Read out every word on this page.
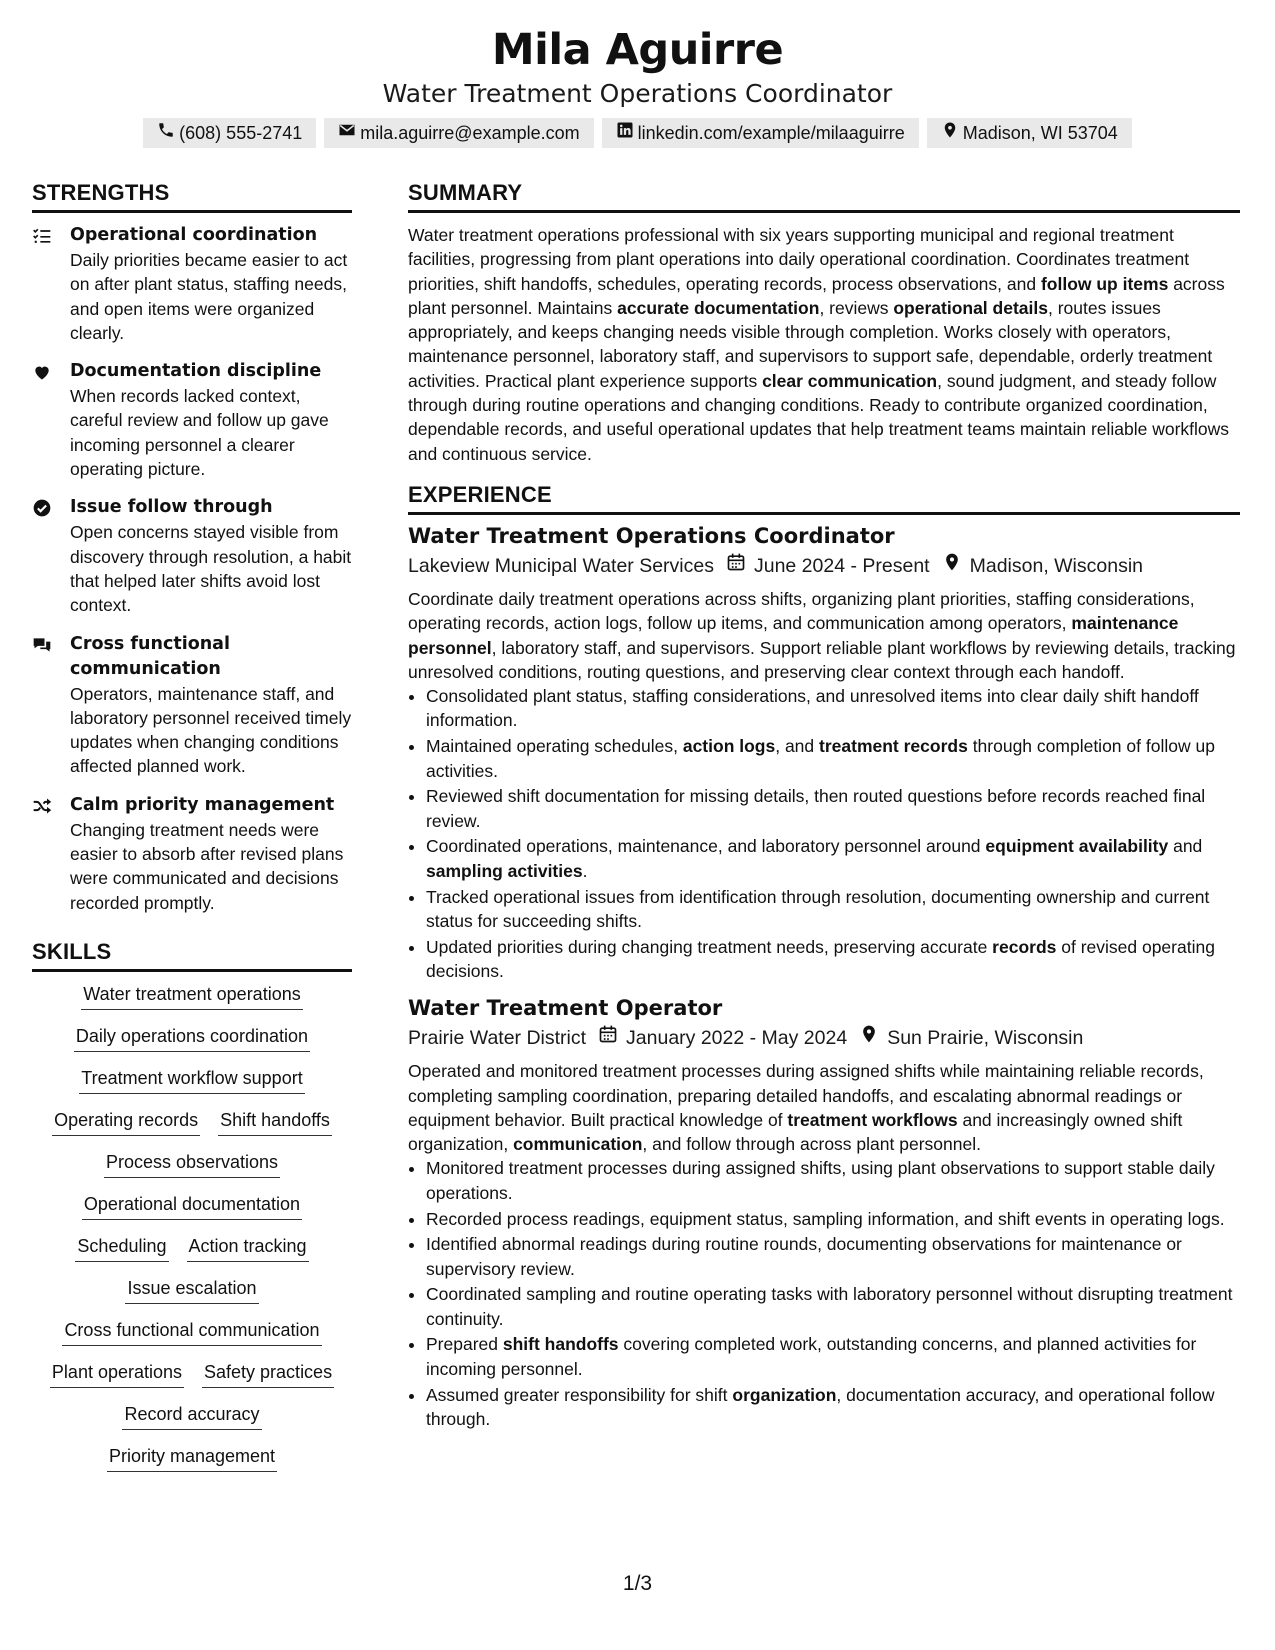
Mila Aguirre
Water Treatment Operations Coordinator
(608) 555-2741	mila.aguirre@example.com	linkedin.com/example/milaaguirre	Madison, WI 53704
STRENGTHS
Operational coordination
Daily priorities became easier to act on after plant status, staffing needs, and open items were organized clearly.
Documentation discipline
When records lacked context, careful review and follow up gave incoming personnel a clearer operating picture.
Issue follow through
Open concerns stayed visible from discovery through resolution, a habit that helped later shifts avoid lost context.
Cross functional communication
Operators, maintenance staff, and laboratory personnel received timely updates when changing conditions affected planned work.
Calm priority management
Changing treatment needs were easier to absorb after revised plans were communicated and decisions recorded promptly.
SKILLS
Water treatment operations
Daily operations coordination
Treatment workflow support
Operating records Shift handoffs
Process observations
Operational documentation
Scheduling Action tracking
Issue escalation
Cross functional communication
Plant operations Safety practices
Record accuracy
Priority management
SUMMARY

Water treatment operations professional with six years supporting municipal and regional treatment facilities, progressing from plant operations into daily operational coordination. Coordinates treatment priorities, shift handoffs, schedules, operating records, process observations, and follow up items across plant personnel. Maintains accurate documentation, reviews operational details, routes issues appropriately, and keeps changing needs visible through completion. Works closely with operators, maintenance personnel, laboratory staff, and supervisors to support safe, dependable, orderly treatment activities. Practical plant experience supports clear communication, sound judgment, and steady follow through during routine operations and changing conditions. Ready to contribute organized coordination, dependable records, and useful operational updates that help treatment teams maintain reliable workflows and continuous service.

EXPERIENCE
Water Treatment Operations Coordinator
Lakeview Municipal Water Services June 2024 - Present Madison, Wisconsin

Coordinate daily treatment operations across shifts, organizing plant priorities, staffing considerations, operating records, action logs, follow up items, and communication among operators, maintenance personnel, laboratory staff, and supervisors. Support reliable plant workflows by reviewing details, tracking unresolved conditions, routing questions, and preserving clear context through each handoff.

• Consolidated plant status, staffing considerations, and unresolved items into clear daily shift handoff information.
• Maintained operating schedules, action logs, and treatment records through completion of follow up activities.
• Reviewed shift documentation for missing details, then routed questions before records reached final review.
• Coordinated operations, maintenance, and laboratory personnel around equipment availability and sampling activities.
• Tracked operational issues from identification through resolution, documenting ownership and current status for succeeding shifts.
• Updated priorities during changing treatment needs, preserving accurate records of revised operating decisions.
Water Treatment Operator
Prairie Water District January 2022 - May 2024 Sun Prairie, Wisconsin

Operated and monitored treatment processes during assigned shifts while maintaining reliable records, completing sampling coordination, preparing detailed handoffs, and escalating abnormal readings or equipment behavior. Built practical knowledge of treatment workflows and increasingly owned shift organization, communication, and follow through across plant personnel.

• Monitored treatment processes during assigned shifts, using plant observations to support stable daily operations.
• Recorded process readings, equipment status, sampling information, and shift events in operating logs.
• Identified abnormal readings during routine rounds, documenting observations for maintenance or supervisory review.
• Coordinated sampling and routine operating tasks with laboratory personnel without disrupting treatment continuity.
• Prepared shift handoffs covering completed work, outstanding concerns, and planned activities for incoming personnel.
• Assumed greater responsibility for shift organization, documentation accuracy, and operational follow through.
1/3
